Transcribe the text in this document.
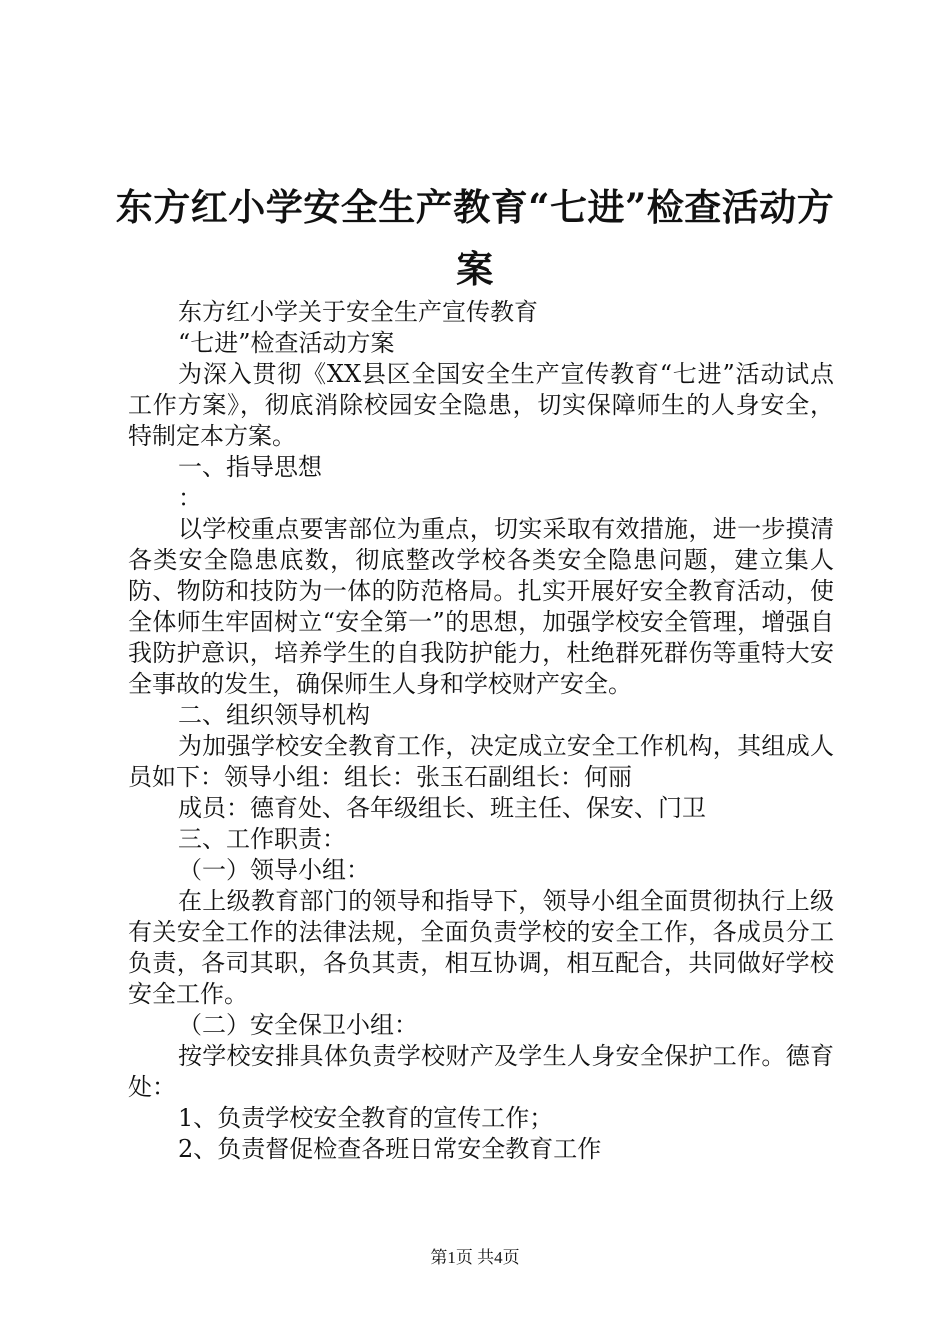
东方红小学安全生产教育“七进”检查活动方案

东方红小学关于安全生产宣传教育

“七进”检查活动方案

为深入贯彻《XX县区全国安全生产宣传教育“七进”活动试点工作方案》，彻底消除校园安全隐患，切实保障师生的人身安全，特制定本方案。

一、指导思想

：

以学校重点要害部位为重点，切实采取有效措施，进一步摸清各类安全隐患底数，彻底整改学校各类安全隐患问题，建立集人防、物防和技防为一体的防范格局。扎实开展好安全教育活动，使全体师生牢固树立“安全第一”的思想，加强学校安全管理，增强自我防护意识，培养学生的自我防护能力，杜绝群死群伤等重特大安全事故的发生，确保师生人身和学校财产安全。

二、组织领导机构

为加强学校安全教育工作，决定成立安全工作机构，其组成人员如下：领导小组：组长：张玉石副组长：何丽

成员：德育处、各年级组长、班主任、保安、门卫

三、工作职责：

（一）领导小组：

在上级教育部门的领导和指导下，领导小组全面贯彻执行上级有关安全工作的法律法规，全面负责学校的安全工作，各成员分工负责，各司其职，各负其责，相互协调，相互配合，共同做好学校安全工作。

（二）安全保卫小组：

按学校安排具体负责学校财产及学生人身安全保护工作。德育处：

1、负责学校安全教育的宣传工作；

2、负责督促检查各班日常安全教育工作

第1页 共4页
